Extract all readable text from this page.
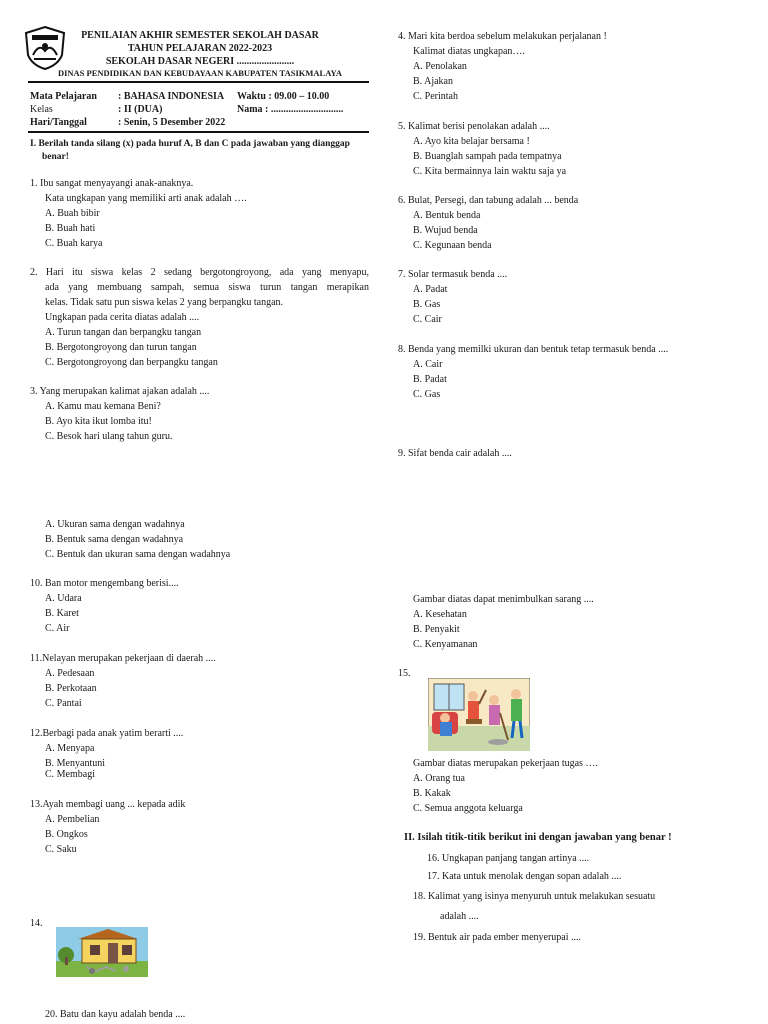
PENILAIAN AKHIR SEMESTER SEKOLAH DASAR
TAHUN PELAJARAN 2022-2023
SEKOLAH DASAR NEGERI .......................
DINAS PENDIDIKAN DAN KEBUDAYAAN KABUPATEN TASIKMALAYA
Mata Pelajaran : BAHASA INDONESIA Waktu : 09.00 – 10.00
Kelas	: II (DUA)	Nama : .............................
Hari/Tanggal	: Senin, 5 Desember 2022
I. Berilah tanda silang (x) pada huruf A, B dan C pada jawaban yang dianggap
benar!
1. Ibu sangat menyayangi anak-anaknya.
Kata ungkapan yang memiliki arti anak adalah ….
A. Buah bibir
B. Buah hati
C. Buah karya
2. Hari itu siswa kelas 2 sedang bergotongroyong, ada yang menyapu,
ada yang membuang sampah, semua siswa turun tangan merapikan
kelas. Tidak satu pun siswa kelas 2 yang berpangku tangan.
Ungkapan pada cerita diatas adalah ....
A. Turun tangan dan berpangku tangan
B. Bergotongroyong dan turun tangan
C. Bergotongroyong dan berpangku tangan
3. Yang merupakan kalimat ajakan adalah ....
A. Kamu mau kemana Beni?
B. Ayo kita ikut lomba itu!
C. Besok hari ulang tahun guru.
A. Ukuran sama dengan wadahnya
B. Bentuk sama dengan wadahnya
C. Bentuk dan ukuran sama dengan wadahnya
10. Ban motor mengembang berisi....
A. Udara
B. Karet
C. Air
11.Nelayan merupakan pekerjaan di daerah ....
A. Pedesaan
B. Perkotaan
C. Pantai
12.Berbagi pada anak yatim berarti ....
A. Menyapa
B. Menyantuni
C. Membagi
13.Ayah membagi uang ... kepada adik
A. Pembelian
B. Ongkos
C. Saku
14.
20. Batu dan kayu adalah benda ....
4. Mari kita berdoa sebelum melakukan perjalanan !
Kalimat diatas ungkapan….
A. Penolakan
B. Ajakan
C. Perintah
5. Kalimat berisi penolakan adalah ....
A. Ayo kita belajar bersama !
B. Buanglah sampah pada tempatnya
C. Kita bermainnya lain waktu saja ya
6. Bulat, Persegi, dan tabung adalah ... benda
A. Bentuk benda
B. Wujud benda
C. Kegunaan benda
7. Solar termasuk benda ....
A. Padat
B. Gas
C. Cair
8. Benda yang memilki ukuran dan bentuk tetap termasuk benda ....
A. Cair
B. Padat
C. Gas
9. Sifat benda cair adalah ....
Gambar diatas dapat menimbulkan sarang ....
A. Kesehatan
B. Penyakit
C. Kenyamanan
15.
Gambar diatas merupakan pekerjaan tugas ….
A. Orang tua
B. Kakak
C. Semua anggota keluarga
II. Isilah titik-titik berikut ini dengan jawaban yang benar !
16. Ungkapan panjang tangan artinya ....
17. Kata untuk menolak dengan sopan adalah ....
18. Kalimat yang isinya menyuruh untuk melakukan sesuatu
adalah ....
19. Bentuk air pada ember menyerupai ....
